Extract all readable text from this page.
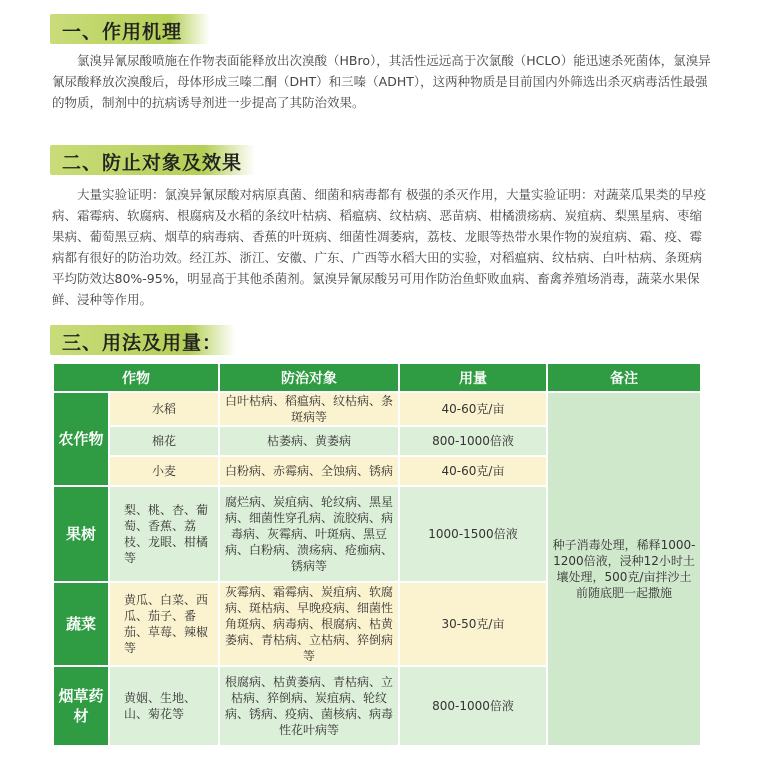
一、作用机理

氯溴异氰尿酸喷施在作物表面能释放出次溴酸（HBro），其活性远远高于次氯酸（HCLO）能迅速杀死菌体，氯溴异氰尿酸释放次溴酸后，母体形成三嗪二酮（DHT）和三嗪（ADHT），这两种物质是目前国内外筛选出杀灭病毒活性最强的物质，制剂中的抗病诱导剂进一步提高了其防治效果。

二、防止对象及效果

大量实验证明：氯溴异氰尿酸对病原真菌、细菌和病毒都有 极强的杀灭作用，大量实验证明：对蔬菜瓜果类的早疫病、霜霉病、软腐病、根腐病及水稻的条纹叶枯病、稻瘟病、纹枯病、恶苗病、柑橘溃疡病、炭疽病、梨黑星病、枣缩果病、葡萄黑豆病、烟草的病毒病、香蕉的叶斑病、细菌性凋萎病，荔枝、龙眼等热带水果作物的炭疽病、霜、疫、霉病都有很好的防治功效。经江苏、浙江、安徽、广东、广西等水稻大田的实验，对稻瘟病、纹枯病、白叶枯病、条斑病平均防效达80%-95%，明显高于其他杀菌剂。氯溴异氰尿酸另可用作防治鱼虾败血病、畜禽养殖场消毒，蔬菜水果保鲜、浸种等作用。

三、用法及用量：
作物		防治对象	用量	备注
农作物	水稻	白叶枯病、稻瘟病、纹枯病、条斑病等	40-60克/亩	种子消毒处理，稀释1000-1200倍液，浸种12小时土壤处理，500克/亩拌沙土前随底肥一起撒施
	棉花	枯萎病、黄萎病	800-1000倍液	
	小麦	白粉病、赤霉病、全蚀病、锈病	40-60克/亩	
果树	梨、桃、杏、葡萄、香蕉、荔枝、龙眼、柑橘等	腐烂病、炭疽病、轮纹病、黑星病、细菌性穿孔病、流胶病、病毒病、灰霉病、叶斑病、黑豆病、白粉病、溃疡病、疮痂病、锈病等	1000-1500倍液	
蔬菜	黄瓜、白菜、西瓜、茄子、番茄、草莓、辣椒等	灰霉病、霜霉病、炭疽病、软腐病、斑枯病、早晚疫病、细菌性角斑病、病毒病、根腐病、枯黄萎病、青枯病、立枯病、猝倒病等	30-50克/亩	
烟草药材	黄姻、生地、山、菊花等	根腐病、枯黄萎病、青枯病、立枯病、猝倒病、炭疽病、轮纹病、锈病、疫病、菌核病、病毒性花叶病等	800-1000倍液	
